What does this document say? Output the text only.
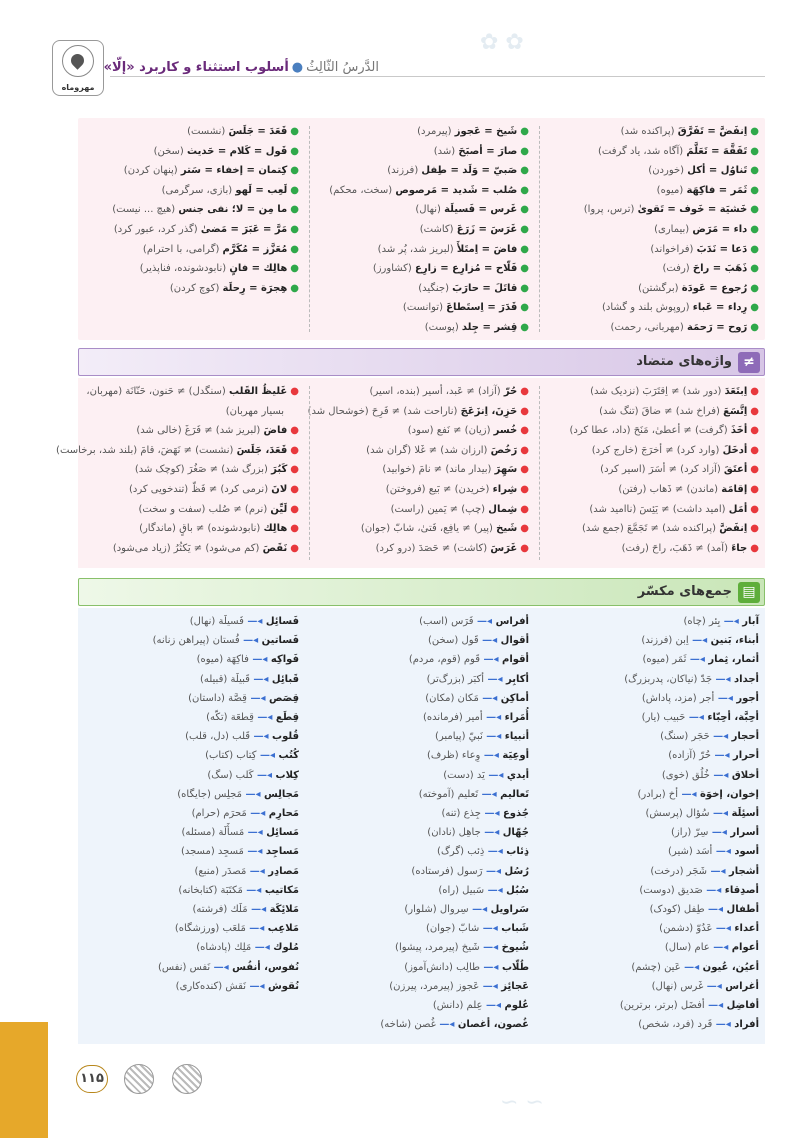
✿ ✿
∽ ∽
الدَّرسُ الثّالِثُ●أسلوب استثناء و کاربرد «إلّا»
مهروماه
●اِنفَضَّ = تَفَرَّقَ (پراکنده شد)
●تَفَقَّهَ = تَعَلَّمَ (آگاه شد، یاد گرفت)
●تَناوُل = أكل (خوردن)
●ثَمَر = فاكِهَة (میوه)
●خَشيَة = خَوف = تَقوىٰ (ترس، پروا)
●داء = مَرَض (بیماری)
●دَعا = نَدَبَ (فراخواند)
●ذَهَبَ = راحَ (رفت)
●رُجوع = عَودَة (برگشتن)
●رِداء = عَباء (روپوش بلند و گشاد)
●رَوح = رَحمَة (مهربانی، رحمت)
●شَيخ = عَجوز (پیرمرد)
●صارَ = أصبَحَ (شد)
●صَبيّ = وَلَد = طِفل (فرزند)
●صُلب = شَديد = مَرصوص (سخت، محکم)
●غَرس = فَسيلَة (نهال)
●غَرَسَ = زَرَعَ (کاشت)
●فاضَ = اِمتَلأَ (لبریز شد، پُر شد)
●فَلّاح = مُزارِع = زارِع (کشاورز)
●قاتَلَ = حارَبَ (جنگید)
●قَدَرَ = اِستَطاعَ (توانست)
●قِشر = جِلد (پوست)
●قَعَدَ = جَلَسَ (نشست)
●قَول = كَلام = حَديث (سخن)
●كِتمان = إخفاء = سَتر (پنهان کردن)
●لَعِب = لَهو (بازی، سرگرمی)
●ما مِن = لا؛ نفی جنس (هیچ ... نیست)
●مَرَّ = عَبَرَ = مَضىٰ (گذر کرد، عبور کرد)
●مُعَزَّز = مُكَرَّم (گرامی، با احترام)
●هالِك = فانٍ (نابودشونده، فناپذیر)
●هِجرَة = رِحلَة (کوچ کردن)
≠
واژه‌های متضاد
●اِبتَعَدَ (دور شد) ≠ اِقتَرَبَ (نزدیک شد)
●اِتَّسَعَ (فراخ شد) ≠ ضاقَ (تنگ شد)
●أخَذَ (گرفت) ≠ أعطىٰ، مَنَحَ (داد، عطا کرد)
●أدخَلَ (وارد کرد) ≠ أخرَجَ (خارج کرد)
●أعتَقَ (آزاد کرد) ≠ أسَرَ (اسیر کرد)
●إقامَة (ماندن) ≠ ذَهاب (رفتن)
●أمَل (امید داشت) ≠ يَئِسَ (ناامید شد)
●اِنفَضَّ (پراکنده شد) ≠ تَجَمَّعَ (جمع شد)
●جاءَ (آمد) ≠ ذَهَبَ، راحَ (رفت)
●حُرّ (آزاد) ≠ عَبد، أسير (بنده، اسیر)
●حَزِنَ، اِنزَعَجَ (ناراحت شد) ≠ فَرِحَ (خوشحال شد)
●خُسر (زیان) ≠ نَفع (سود)
●رَخُصَ (ارزان شد) ≠ غَلا (گران شد)
●سَهِرَ (بیدار ماند) ≠ نامَ (خوابید)
●شِراء (خریدن) ≠ بَيع (فروختن)
●شِمال (چپ) ≠ يَمين (راست)
●شَيخ (پیر) ≠ يافِع، فَتىٰ، شابّ (جوان)
●غَرَسَ (کاشت) ≠ حَصَدَ (درو کرد)
●غَليظُ القَلب (سنگدل) ≠ حَنون، حَنّانَة (مهربان،
بسیار مهربان)
●فاضَ (لبریز شد) ≠ فَرَغَ (خالی شد)
●قَعَدَ، جَلَسَ (نشست) ≠ نَهَضَ، قامَ (بلند شد، برخاست)
●كَبُرَ (بزرگ شد) ≠ صَغُرَ (کوچک شد)
●لانَ (نرمی کرد) ≠ فَظّ (تندخویی کرد)
●لَيِّن (نرم) ≠ صُلب (سفت و سخت)
●هالِك (نابودشونده) ≠ باقٍ (ماندگار)
●نَقَصَ (کم می‌شود) ≠ يَكثُرُ (زیاد می‌شود)
▤
جمع‌های مکسّر
آبار ◂— بِئر (چاه)
أبناء، بَنين ◂— اِبن (فرزند)
أثمار، ثِمار ◂— ثَمَر (میوه)
أجداد ◂— جَدّ (نیاکان، پدربزرگ)
أجور ◂— أجر (مزد، پاداش)
أحِبَّة، أحِبّاء ◂— حَبيب (یار)
أحجار ◂— حَجَر (سنگ)
أحرار ◂— حُرّ (آزاده)
أخلاق ◂— خُلُق (خوی)
إخوان، إخوَة ◂— أخ (برادر)
أسئِلَة ◂— سُؤال (پرسش)
أسرار ◂— سِرّ (راز)
أسود ◂— أسَد (شیر)
أشجار ◂— شَجَر (درخت)
أصدِقاء ◂— صَديق (دوست)
أطفال ◂— طِفل (کودک)
أعداء ◂— عَدُوّ (دشمن)
أعوام ◂— عام (سال)
أعيُن، عُيون ◂— عَين (چشم)
أغراس ◂— غَرس (نهال)
أفاضِل ◂— أفضَل (برتر، برترین)
أفراد ◂— فَرد (فرد، شخص)
أفراس ◂— فَرَس (اسب)
أقوال ◂— قَول (سخن)
أقوام ◂— قَوم (قوم، مردم)
أكابِر ◂— أكبَر (بزرگ‌تر)
أماكِن ◂— مَكان (مکان)
أُمَراء ◂— أمير (فرمانده)
أنبياء ◂— نَبيّ (پیامبر)
أوعِيَة ◂— وِعاء (ظرف)
أيدي ◂— يَد (دست)
تَعاليم ◂— تَعليم (آموخته)
جُذوع ◂— جِذع (تنه)
جُهّال ◂— جاهِل (نادان)
ذِئاب ◂— ذِئب (گرگ)
رُسُل ◂— رَسول (فرستاده)
سُبُل ◂— سَبيل (راه)
سَراويل ◂— سِروال (شلوار)
شَباب ◂— شابّ (جوان)
شُيوخ ◂— شَيخ (پیرمرد، پیشوا)
طُلّاب ◂— طالِب (دانش‌آموز)
عَجائِز ◂— عَجوز (پیرمرد، پیرزن)
عُلوم ◂— عِلم (دانش)
غُصون، أغصان ◂— غُصن (شاخه)
فَسائِل ◂— فَسيلَة (نهال)
فَساتين ◂— فُستان (پیراهن زنانه)
فَواكِه ◂— فاكِهَة (میوه)
قَبائِل ◂— قَبيلَة (قبیله)
قِصَص ◂— قِصَّة (داستان)
قِطَع ◂— قِطعَة (تکّه)
قُلوب ◂— قَلب (دل، قلب)
كُتُب ◂— كِتاب (کتاب)
كِلاب ◂— كَلب (سگ)
مَجالِس ◂— مَجلِس (جایگاه)
مَحارِم ◂— مَحرَم (حرام)
مَسائِل ◂— مَسأَلَة (مسئله)
مَساجِد ◂— مَسجِد (مسجد)
مَصادِر ◂— مَصدَر (منبع)
مَكاتيب ◂— مَكتَبَة (کتابخانه)
مَلائِكَة ◂— مَلَك (فرشته)
مَلاعِب ◂— مَلعَب (ورزشگاه)
مُلوك ◂— مَلِك (پادشاه)
نُفوس، أنفُس ◂— نَفس (نفس)
نُقوش ◂— نَقش (کنده‌کاری)
۱۱۵
